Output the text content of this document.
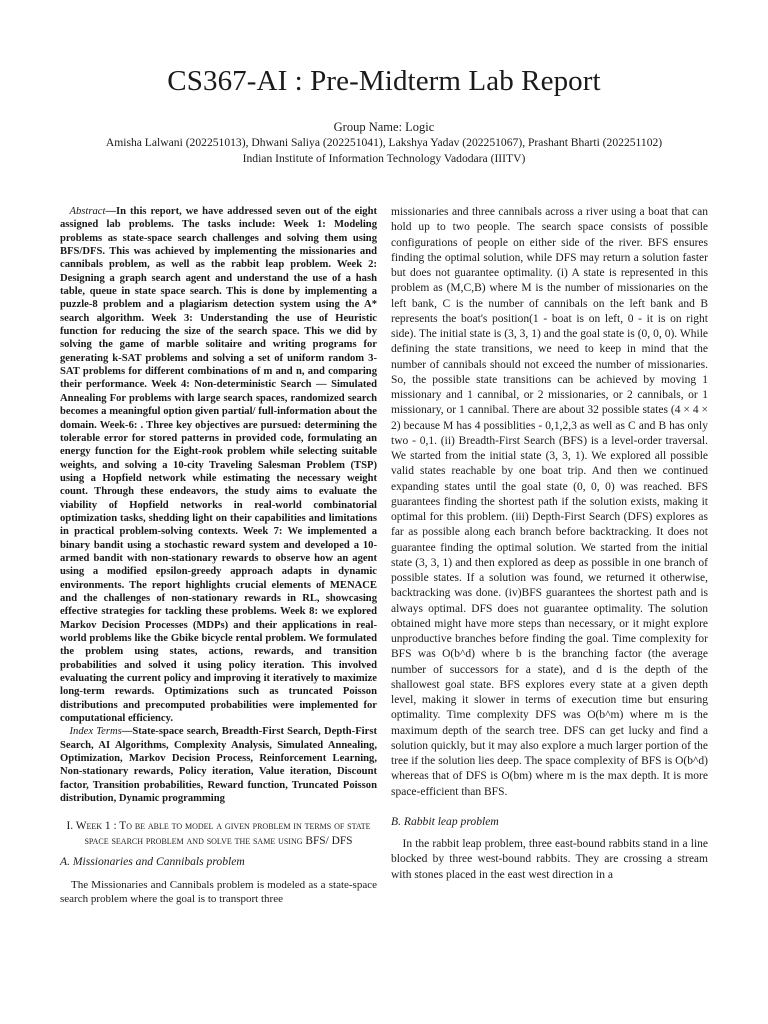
CS367-AI : Pre-Midterm Lab Report
Group Name: Logic
Amisha Lalwani (202251013), Dhwani Saliya (202251041), Lakshya Yadav (202251067), Prashant Bharti (202251102)
Indian Institute of Information Technology Vadodara (IIITV)

Abstract—In this report, we have addressed seven out of the eight assigned lab problems. The tasks include: Week 1: Modeling problems as state-space search challenges and solving them using BFS/DFS. This was achieved by implementing the missionaries and cannibals problem, as well as the rabbit leap problem. Week 2: Designing a graph search agent and understand the use of a hash table, queue in state space search. This is done by implementing a puzzle-8 problem and a plagiarism detection system using the A* search algorithm. Week 3: Understanding the use of Heuristic function for reducing the size of the search space. This we did by solving the game of marble solitaire and writing programs for generating k-SAT problems and solving a set of uniform random 3-SAT problems for different combinations of m and n, and comparing their performance. Week 4: Non-deterministic Search — Simulated Annealing For problems with large search spaces, randomized search becomes a meaningful option given partial/ full-information about the domain. Week-6: . Three key objectives are pursued: determining the tolerable error for stored patterns in provided code, formulating an energy function for the Eight-rook problem while selecting suitable weights, and solving a 10-city Traveling Salesman Problem (TSP) using a Hopfield network while estimating the necessary weight count. Through these endeavors, the study aims to evaluate the viability of Hopfield networks in real-world combinatorial optimization tasks, shedding light on their capabilities and limitations in practical problem-solving contexts. Week 7: We implemented a binary bandit using a stochastic reward system and developed a 10-armed bandit with non-stationary rewards to observe how an agent using a modified epsilon-greedy approach adapts in dynamic environments. The report highlights crucial elements of MENACE and the challenges of non-stationary rewards in RL, showcasing effective strategies for tackling these problems. Week 8: we explored Markov Decision Processes (MDPs) and their applications in real-world problems like the Gbike bicycle rental problem. We formulated the problem using states, actions, rewards, and transition probabilities and solved it using policy iteration. This involved evaluating the current policy and improving it iteratively to maximize long-term rewards. Optimizations such as truncated Poisson distributions and precomputed probabilities were implemented for computational efficiency.

Index Terms—State-space search, Breadth-First Search, Depth-First Search, AI Algorithms, Complexity Analysis, Simulated Annealing, Optimization, Markov Decision Process, Reinforcement Learning, Non-stationary rewards, Policy iteration, Value iteration, Discount factor, Transition probabilities, Reward function, Truncated Poisson distribution, Dynamic programming

I. Week 1 : To be able to model a given problem in terms of state space search problem and solve the same using BFS/ DFS
A. Missionaries and Cannibals problem

The Missionaries and Cannibals problem is modeled as a state-space search problem where the goal is to transport three

missionaries and three cannibals across a river using a boat that can hold up to two people. The search space consists of possible configurations of people on either side of the river. BFS ensures finding the optimal solution, while DFS may return a solution faster but does not guarantee optimality. (i) A state is represented in this problem as (M,C,B) where M is the number of missionaries on the left bank, C is the number of cannibals on the left bank and B represents the boat's position(1 - boat is on left, 0 - it is on right side). The initial state is (3, 3, 1) and the goal state is (0, 0, 0). While defining the state transitions, we need to keep in mind that the number of cannibals should not exceed the number of missionaries. So, the possible state transitions can be achieved by moving 1 missionary and 1 cannibal, or 2 missionaries, or 2 cannibals, or 1 missionary, or 1 cannibal. There are about 32 possible states (4 × 4 × 2) because M has 4 possiblities - 0,1,2,3 as well as C and B has only two - 0,1. (ii) Breadth-First Search (BFS) is a level-order traversal. We started from the initial state (3, 3, 1). We explored all possible valid states reachable by one boat trip. And then we continued expanding states until the goal state (0, 0, 0) was reached. BFS guarantees finding the shortest path if the solution exists, making it optimal for this problem. (iii) Depth-First Search (DFS) explores as far as possible along each branch before backtracking. It does not guarantee finding the optimal solution. We started from the initial state (3, 3, 1) and then explored as deep as possible in one branch of possible states. If a solution was found, we returned it otherwise, backtracking was done. (iv)BFS guarantees the shortest path and is always optimal. DFS does not guarantee optimality. The solution obtained might have more steps than necessary, or it might explore unproductive branches before finding the goal. Time complexity for BFS was O(b^d) where b is the branching factor (the average number of successors for a state), and d is the depth of the shallowest goal state. BFS explores every state at a given depth level, making it slower in terms of execution time but ensuring optimality. Time complexity DFS was O(b^m) where m is the maximum depth of the search tree. DFS can get lucky and find a solution quickly, but it may also explore a much larger portion of the tree if the solution lies deep. The space complexity of BFS is O(b^d) whereas that of DFS is O(bm) where m is the max depth. It is more space-efficient than BFS.

B. Rabbit leap problem

In the rabbit leap problem, three east-bound rabbits stand in a line blocked by three west-bound rabbits. They are crossing a stream with stones placed in the east west direction in a
